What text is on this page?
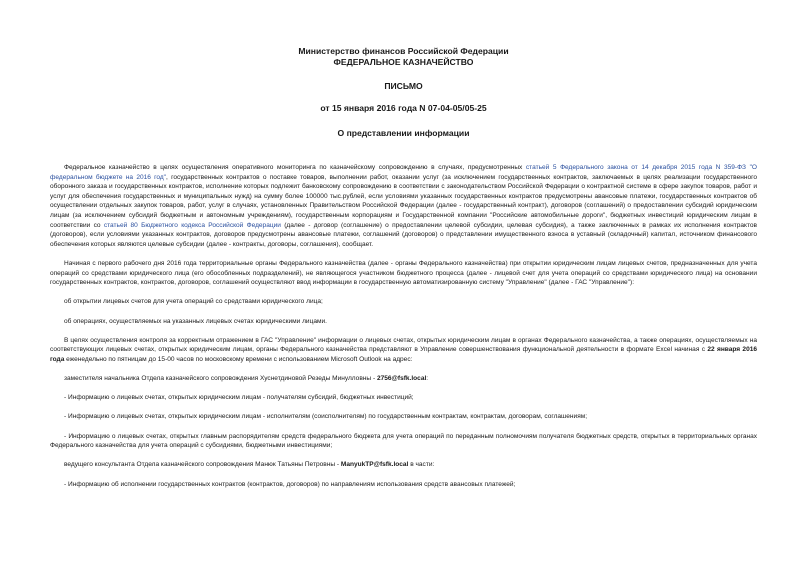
Министерство финансов Российской Федерации
ФЕДЕРАЛЬНОЕ КАЗНАЧЕЙСТВО
ПИСЬМО
от 15 января 2016 года N 07-04-05/05-25
О представлении информации

Федеральное казначейство в целях осуществления оперативного мониторинга по казначейскому сопровождению в случаях, предусмотренных статьей 5 Федерального закона от 14 декабря 2015 года N 359-ФЗ "О федеральном бюджете на 2016 год", государственных контрактов о поставке товаров, выполнении работ, оказании услуг (за исключением государственных контрактов, заключаемых в целях реализации государственного оборонного заказа и государственных контрактов, исполнение которых подлежит банковскому сопровождению в соответствии с законодательством Российской Федерации о контрактной системе в сфере закупок товаров, работ и услуг для обеспечения государственных и муниципальных нужд) на сумму более 100000 тыс.рублей, если условиями указанных государственных контрактов предусмотрены авансовые платежи, государственных контрактов об осуществлении отдельных закупок товаров, работ, услуг в случаях, установленных Правительством Российской Федерации (далее - государственный контракт), договоров (соглашений) о предоставлении субсидий юридическим лицам (за исключением субсидий бюджетным и автономным учреждениям), государственным корпорациям и Государственной компании "Российские автомобильные дороги", бюджетных инвестиций юридическим лицам в соответствии со статьей 80 Бюджетного кодекса Российской Федерации (далее - договор (соглашение) о предоставлении целевой субсидии, целевая субсидия), а также заключенных в рамках их исполнения контрактов (договоров), если условиями указанных контрактов, договоров предусмотрены авансовые платежи, соглашений (договоров) о представлении имущественного взноса в уставный (складочный) капитал, источником финансового обеспечения которых являются целевые субсидии (далее - контракты, договоры, соглашения), сообщает.

Начиная с первого рабочего дня 2016 года территориальные органы Федерального казначейства (далее - органы Федерального казначейства) при открытии юридическим лицам лицевых счетов, предназначенных для учета операций со средствами юридического лица (его обособленных подразделений), не являющегося участником бюджетного процесса (далее - лицевой счет для учета операций со средствами юридического лица) на основании государственных контрактов, контрактов, договоров, соглашений осуществляют ввод информации в государственную автоматизированную систему "Управление" (далее - ГАС "Управление"):

об открытии лицевых счетов для учета операций со средствами юридического лица;

об операциях, осуществляемых на указанных лицевых счетах юридическими лицами.

В целях осуществления контроля за корректным отражением в ГАС "Управление" информации о лицевых счетах, открытых юридическим лицам в органах Федерального казначейства, а также операциях, осуществляемых на соответствующих лицевых счетах, открытых юридическим лицам, органы Федерального казначейства представляют в Управление совершенствования функциональной деятельности в формате Excel начиная с 22 января 2016 года еженедельно по пятницам до 15-00 часов по московскому времени с использованием Microsoft Outlook на адрес:

заместителя начальника Отдела казначейского сопровождения Хуснетдиновой Резеды Минулловны - 2756@fsfk.local:

- Информацию о лицевых счетах, открытых юридическим лицам - получателям субсидий, бюджетных инвестиций;

- Информацию о лицевых счетах, открытых юридическим лицам - исполнителям (соисполнителям) по государственным контрактам, контрактам, договорам, соглашениям;

- Информацию о лицевых счетах, открытых главным распорядителям средств федерального бюджета для учета операций по переданным полномочиям получателя бюджетных средств, открытых в территориальных органах Федерального казначейства для учета операций с субсидиями, бюджетными инвестициями;

ведущего консультанта Отдела казначейского сопровождения Манюк Татьяны Петровны - ManyukTP@fsfk.local в части:

- Информацию об исполнении государственных контрактов (контрактов, договоров) по направлениям использования средств авансовых платежей;
